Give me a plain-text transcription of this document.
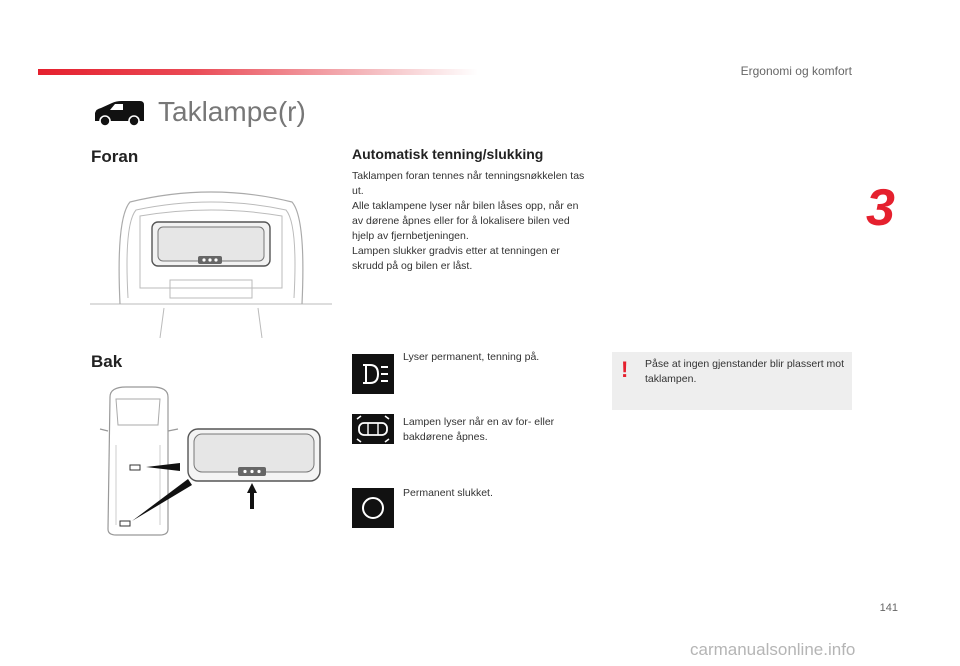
Ergonomi og komfort
3
Taklampe(r)
Foran	Automatisk tenning/slukking
Taklampen foran tennes når tenningsnøkkelen tas ut.
Alle taklampene lyser når bilen låses opp, når en av dørene åpnes eller for å lokalisere bilen ved hjelp av fjernbetjeningen.
Lampen slukker gradvis etter at tenningen er skrudd på og bilen er låst.
Bak	Lyser permanent, tenning på.
Lampen lyser når en av for- eller bakdørene åpnes.
Permanent slukket.
! Påse at ingen gjenstander blir plassert mot taklampen.
141
carmanualsonline.info
